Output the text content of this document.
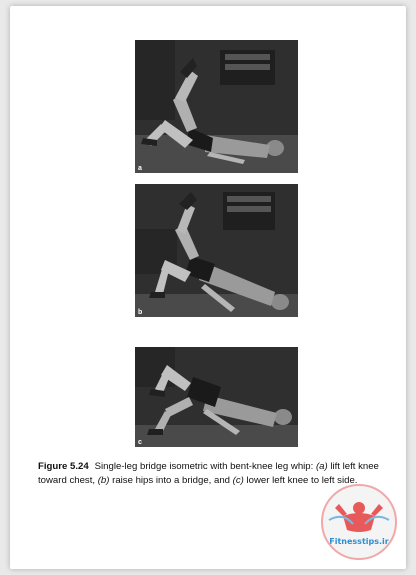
a
b
c
Figure 5.24 Single-leg bridge isometric with bent-knee leg whip: (a) lift left knee toward chest, (b) raise hips into a bridge, and (c) lower left knee to left side.
Fitnesstips.ir
